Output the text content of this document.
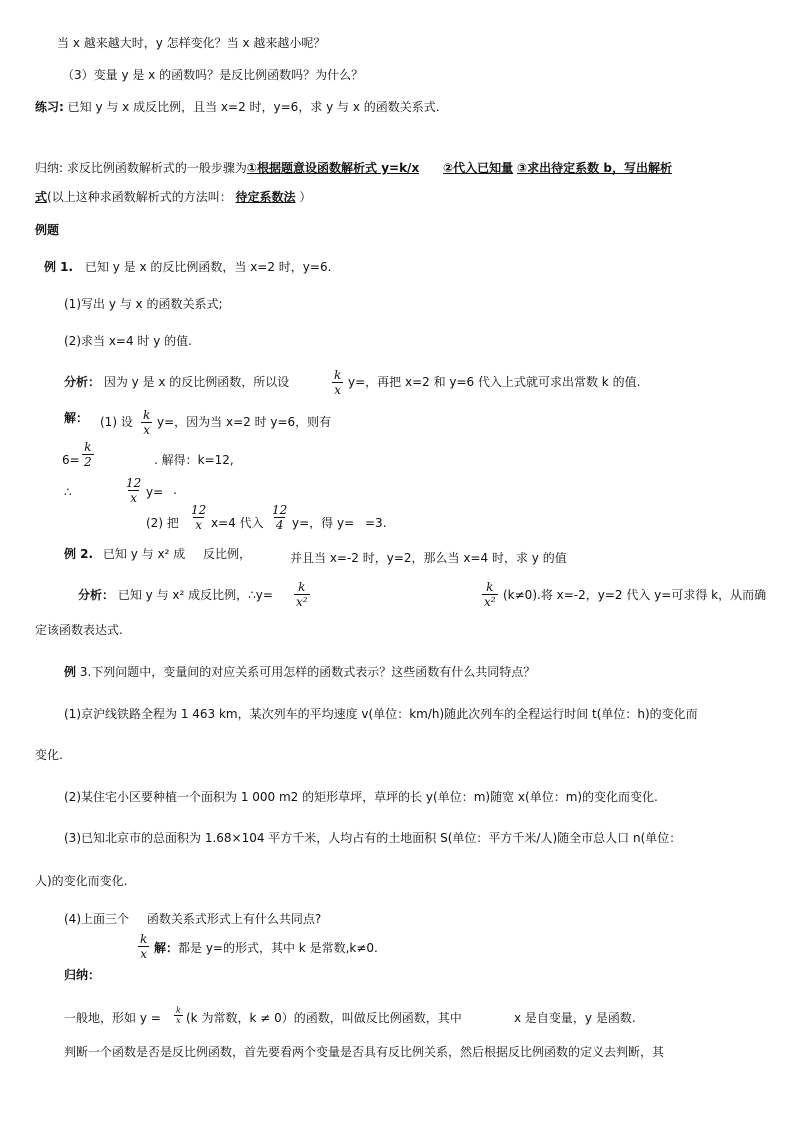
当 x 越来越大时，y 怎样变化？当 x 越来越小呢？
（3）变量 y 是 x 的函数吗？是反比例函数吗？为什么？
练习: 已知 y 与 x 成反比例，且当 x=2 时，y=6，求 y 与 x 的函数关系式.
归纳: 求反比例函数解析式的一般步骤为①根据题意设函数解析式 y=k/x ②代入已知量 ③求出待定系数 b，写出解析
式(以上这种求函数解析式的方法叫： 待定系数法 ）
例题
例 1. 已知 y 是 x 的反比例函数，当 x=2 时，y=6.
(1)写出 y 与 x 的函数关系式;
(2)求当 x=4 时 y 的值.
分析： 因为 y 是 x 的反比例函数，所以设	$\frac{k}{x} y=$，再把 x=2 和 y=6 代入上式就可求出常数 k 的值.
解： (1) 设 $\frac{k}{x} y=$，因为当 x=2 时 y=6，则有
$6= \frac{k}{2}$	. 解得：k=12,
∴	$\frac{12}{x} y=$ .
(2) 把 $\frac{12}{x} x=4$ 代入 $\frac{12}{4} y=$，得 y= =3.
例 2. 已知 y 与 x² 成 反比例，	并且当 x=-2 时，y=2，那么当 x=4 时，求 y 的值
分析： 已知 y 与 x² 成反比例，∴y= $\frac{k}{\text{x²}}$	$\frac{k}{\text{x²}} (k\ne 0)$.将 x=-2，y=2 代入 y=可求得 k，从而确
定该函数表达式.
例 3.下列问题中，变量间的对应关系可用怎样的函数式表示？这些函数有什么共同特点？
(1)京沪线铁路全程为 1 463 km，某次列车的平均速度 v(单位：km/h)随此次列车的全程运行时间 t(单位：h)的变化而
变化.
(2)某住宅小区要种植一个面积为 1 000 m2 的矩形草坪，草坪的长 y(单位：m)随宽 x(单位：m)的变化而变化.
(3)已知北京市的总面积为 1.68×104 平方千米，人均占有的土地面积 S(单位：平方千米/人)随全市总人口 n(单位：
人)的变化而变化.
(4)上面三个 函数关系式形式上有什么共同点?
$\frac{k}{x}$ 解：都是 y=的形式，其中 k 是常数,k≠0.
归纳：
一般地，形如 $y = \frac{k}{x} (k$ 为常数，k ≠ 0）的函数，叫做反比例函数，其中	x 是自变量，y 是函数.
判断一个函数是否是反比例函数，首先要看两个变量是否具有反比例关系，然后根据反比例函数的定义去判断，其
